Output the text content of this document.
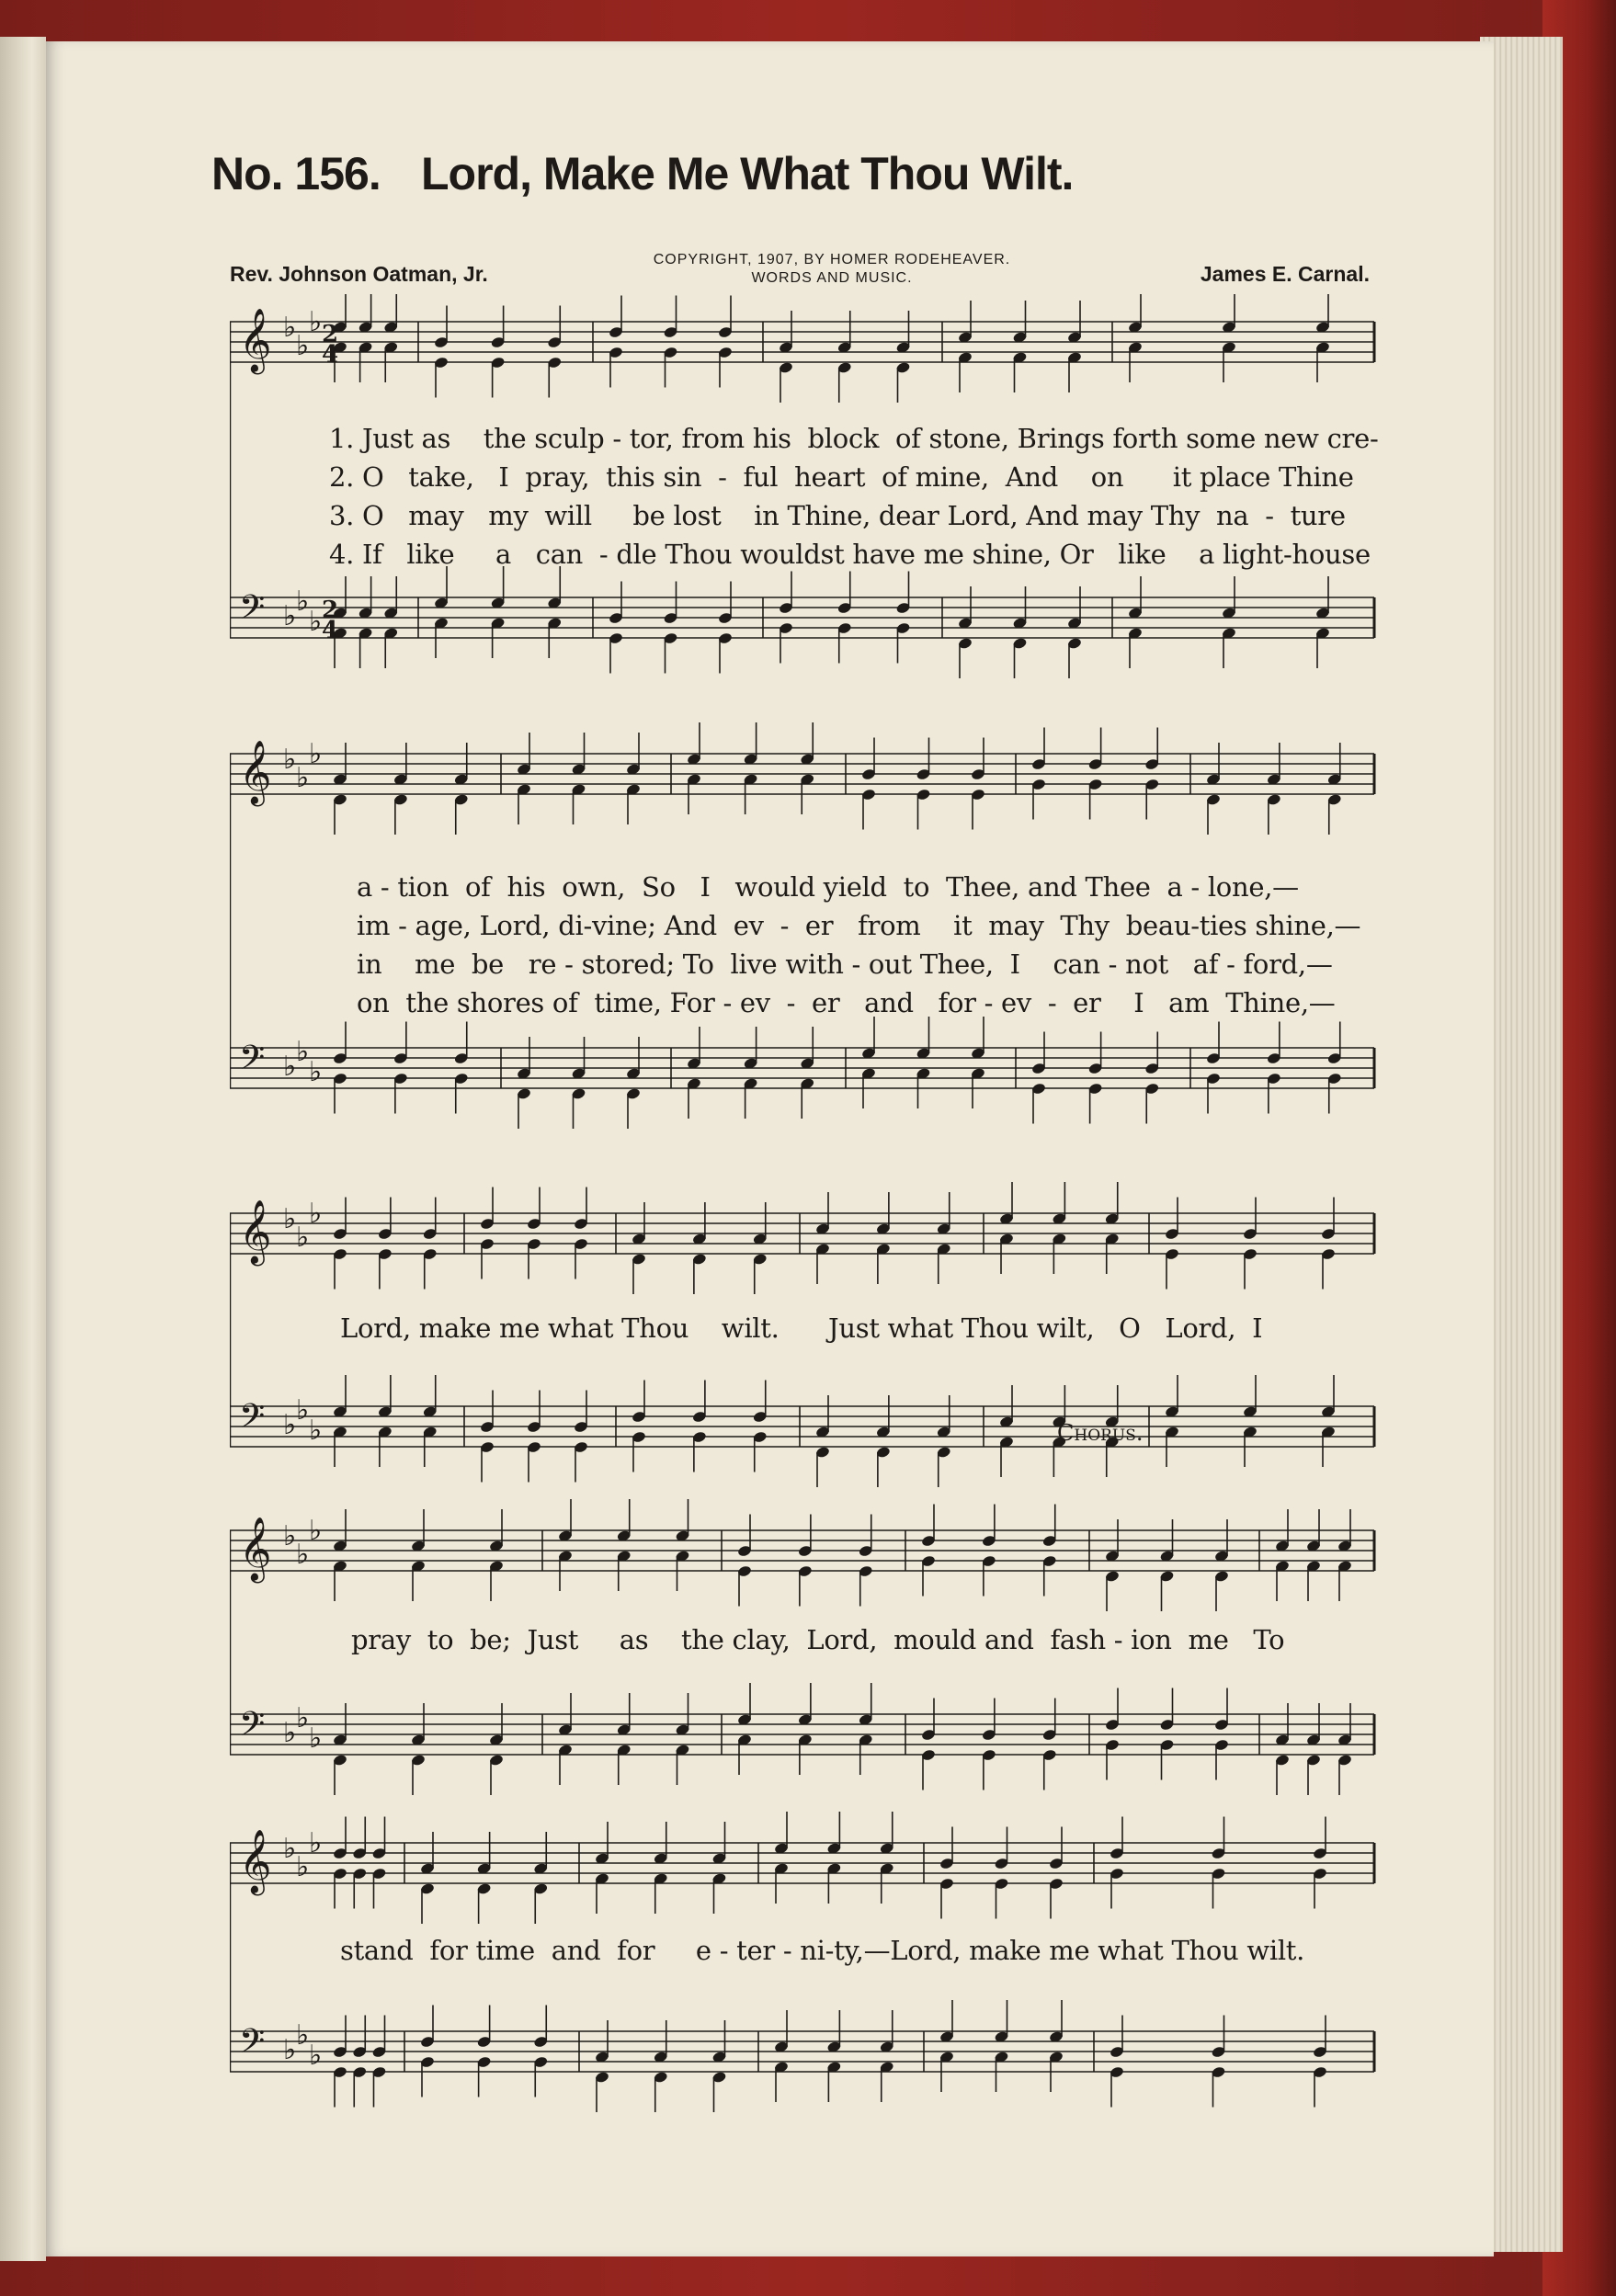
No. 156. Lord, Make Me What Thou Wilt.
Rev. Johnson Oatman, Jr.
COPYRIGHT, 1907, BY HOMER RODEHEAVER.
WORDS AND MUSIC.	James E. Carnal.
𝄞 ♭
♭
♭
𝄢 ♭ ♭
♭
𝄞 ♭
♭
♭
𝄢 ♭ ♭
♭
𝄞 ♭
♭
♭
𝄢 ♭ ♭
♭
𝄞 ♭
♭
♭
𝄢 ♭ ♭
♭
𝄞 ♭
♭
♭
𝄢 ♭ ♭
♭
2
4
2
4
1. Just as    the sculp - tor, from his  block  of stone, Brings forth some new cre-
2. O   take,   I  pray,  this sin  -  ful  heart  of mine,  And    on      it place Thine
3. O   may   my  will     be lost    in Thine, dear Lord, And may Thy  na  -  ture
4. If   like     a   can  - dle Thou wouldst have me shine, Or   like    a light-house
a - tion  of  his  own,  So   I   would yield  to  Thee, and Thee  a - lone,—
im - age, Lord, di-vine; And  ev  -  er   from    it  may  Thy  beau-ties shine,—
in    me  be   re - stored; To  live with - out Thee,  I    can - not   af - ford,—
on  the shores of  time, For - ev  -  er   and   for - ev  -  er    I   am  Thine,—
Chorus.
Lord, make me what Thou    wilt.      Just what Thou wilt,   O   Lord,  I
pray  to  be;  Just     as    the clay,  Lord,  mould and  fash - ion  me   To
stand  for time  and  for     e - ter - ni-ty,—Lord, make me what Thou wilt.
